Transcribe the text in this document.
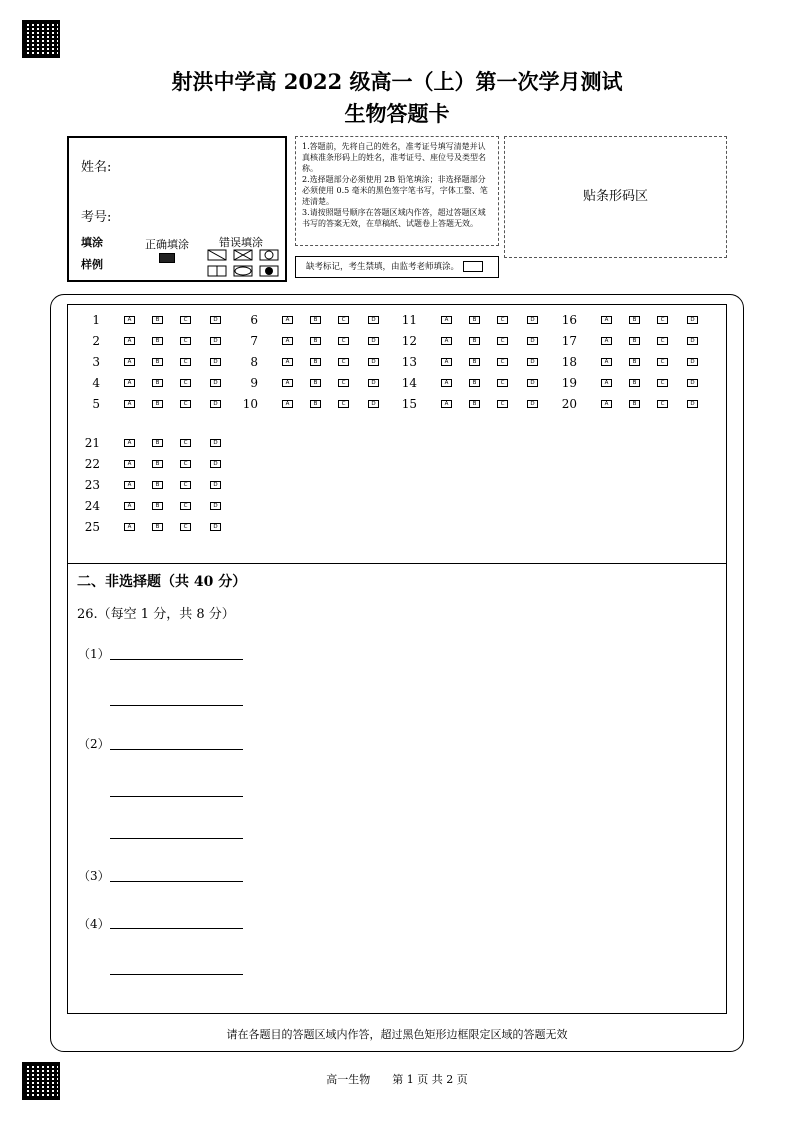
射洪中学高 2022 级高一（上）第一次学月测试
生物答题卡
姓名:
考号:
填涂
样例
正确填涂	错误填涂
1.答题前，先将自己的姓名，准考证号填写清楚并认真核准条形码上的姓名，准考证号、座位号及类型名称。
2.选择题部分必须使用 2B 铅笔填涂；非选择题部分必须使用 0.5 毫米的黑色签字笔书写，字体工整、笔迹清楚。
3.请按照题号顺序在答题区域内作答，超过答题区域书写的答案无效，在草稿纸、试题卷上答题无效。
缺考标记，考生禁填，由监考老师填涂。
贴条形码区
1	A	B	C	D
2	A	B	C	D
3	A	B	C	D
4	A	B	C	D
5	A	B	C	D
6	A	B	C	D
7	A	B	C	D
8	A	B	C	D
9	A	B	C	D
10	A	B	C	D
11	A	B	C	D
12	A	B	C	D
13	A	B	C	D
14	A	B	C	D
15	A	B	C	D
16	A	B	C	D
17	A	B	C	D
18	A	B	C	D
19	A	B	C	D
20	A	B	C	D
21	A	B	C	D
22	A	B	C	D
23	A	B	C	D
24	A	B	C	D
25	A	B	C	D
二、非选择题（共 40 分）
26.（每空 1 分，共 8 分）
（1）
（2）
（3）
（4）
请在各题目的答题区域内作答，超过黑色矩形边框限定区域的答题无效
高一生物　　第 1 页 共 2 页
